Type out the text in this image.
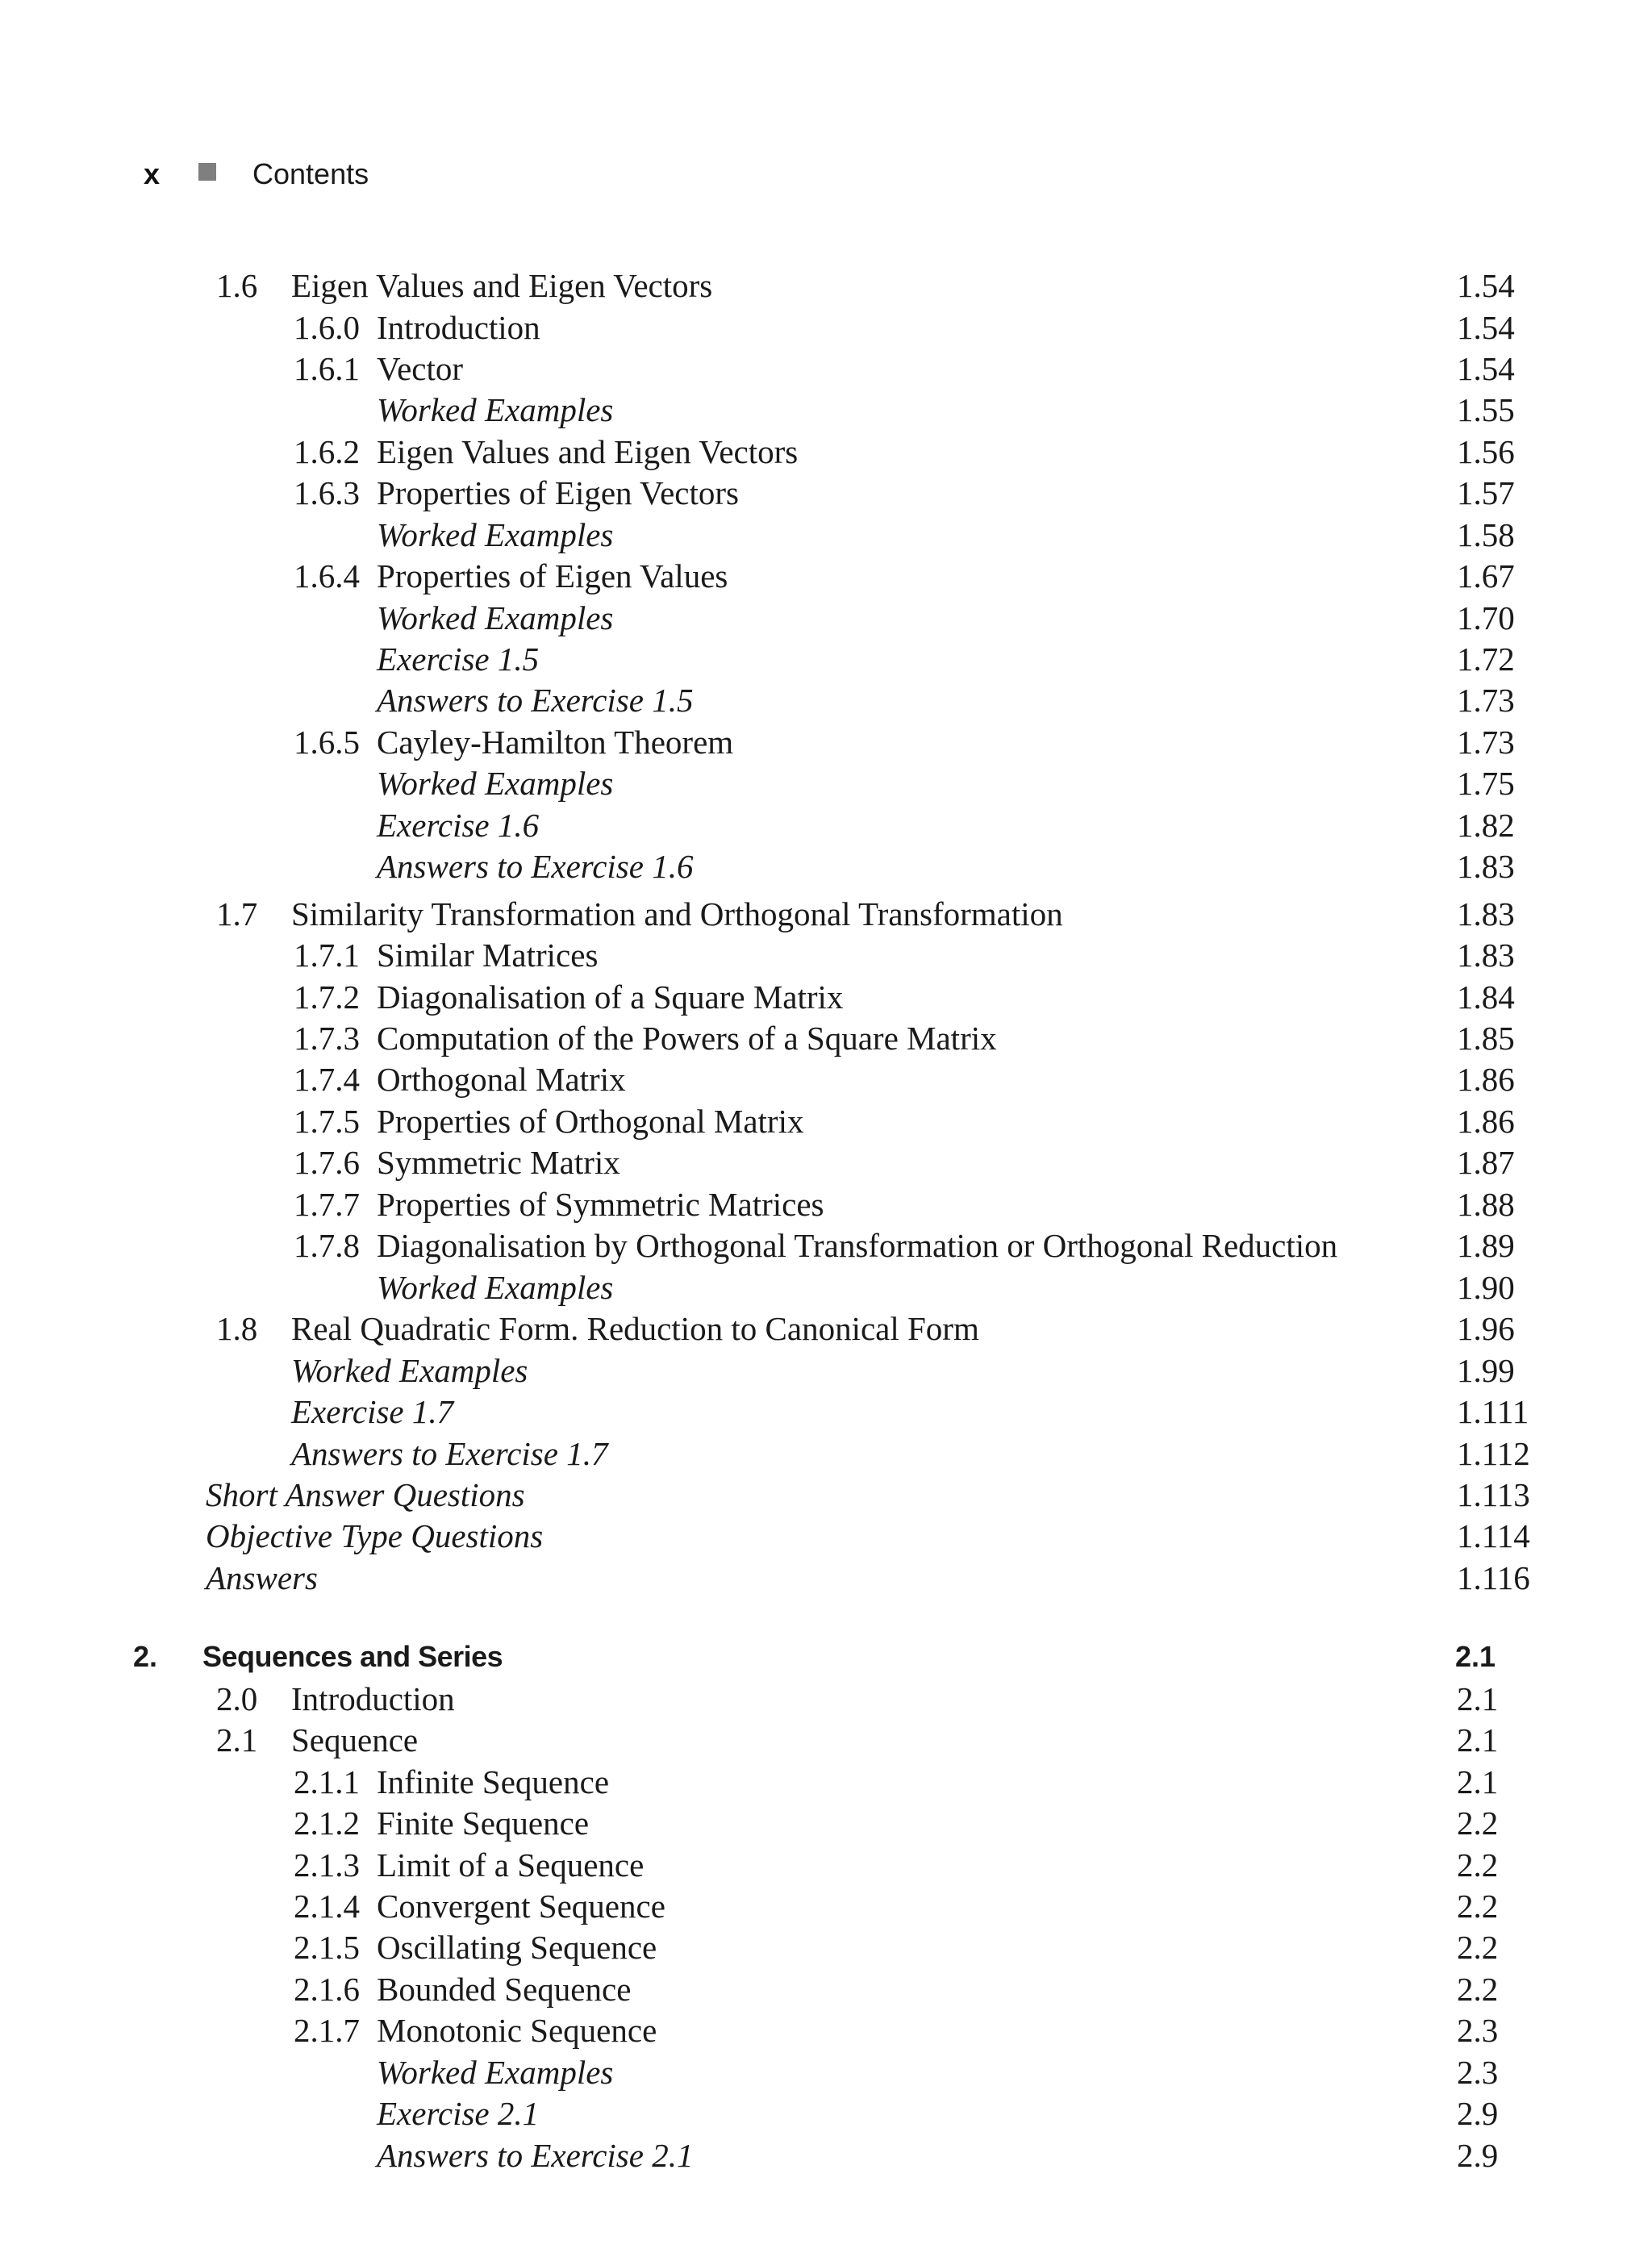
x	Contents
1.6 Eigen Values and Eigen Vectors	1.54
1.6.0 Introduction	1.54
1.6.1 Vector	1.54
Worked Examples	1.55
1.6.2 Eigen Values and Eigen Vectors	1.56
1.6.3 Properties of Eigen Vectors	1.57
Worked Examples	1.58
1.6.4 Properties of Eigen Values	1.67
Worked Examples	1.70
Exercise 1.5	1.72
Answers to Exercise 1.5	1.73
1.6.5 Cayley-Hamilton Theorem	1.73
Worked Examples	1.75
Exercise 1.6	1.82
Answers to Exercise 1.6	1.83
1.7 Similarity Transformation and Orthogonal Transformation	1.83
1.7.1 Similar Matrices	1.83
1.7.2 Diagonalisation of a Square Matrix	1.84
1.7.3 Computation of the Powers of a Square Matrix	1.85
1.7.4 Orthogonal Matrix	1.86
1.7.5 Properties of Orthogonal Matrix	1.86
1.7.6 Symmetric Matrix	1.87
1.7.7 Properties of Symmetric Matrices	1.88
1.7.8 Diagonalisation by Orthogonal Transformation or Orthogonal Reduction	1.89
Worked Examples	1.90
1.8 Real Quadratic Form. Reduction to Canonical Form	1.96
Worked Examples	1.99
Exercise 1.7	1.111
Answers to Exercise 1.7	1.112
Short Answer Questions	1.113
Objective Type Questions	1.114
Answers	1.116
2. Sequences and Series	2.1
2.0 Introduction	2.1
2.1 Sequence	2.1
2.1.1 Infinite Sequence	2.1
2.1.2 Finite Sequence	2.2
2.1.3 Limit of a Sequence	2.2
2.1.4 Convergent Sequence	2.2
2.1.5 Oscillating Sequence	2.2
2.1.6 Bounded Sequence	2.2
2.1.7 Monotonic Sequence	2.3
Worked Examples	2.3
Exercise 2.1	2.9
Answers to Exercise 2.1	2.9
